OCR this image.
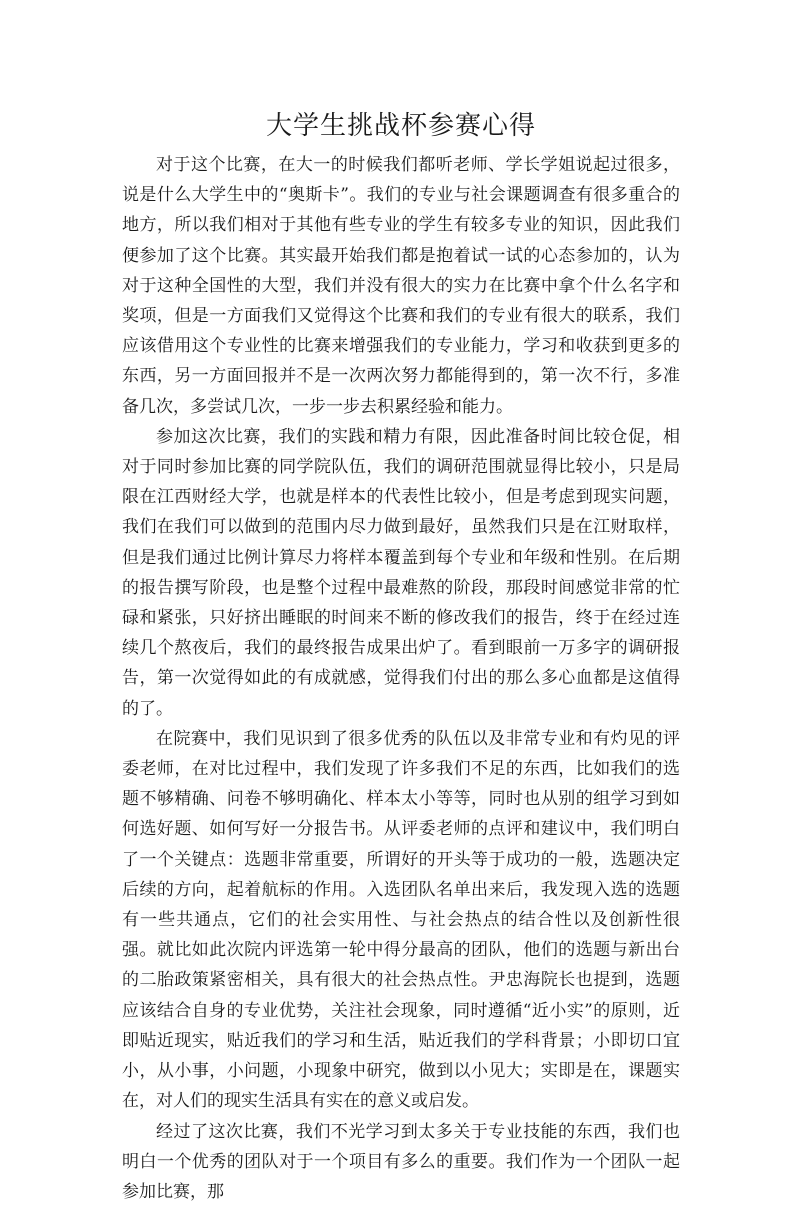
大学生挑战杯参赛心得

对于这个比赛，在大一的时候我们都听老师、学长学姐说起过很多，说是什么大学生中的“奥斯卡”。我们的专业与社会课题调查有很多重合的地方，所以我们相对于其他有些专业的学生有较多专业的知识，因此我们便参加了这个比赛。其实最开始我们都是抱着试一试的心态参加的，认为对于这种全国性的大型，我们并没有很大的实力在比赛中拿个什么名字和奖项，但是一方面我们又觉得这个比赛和我们的专业有很大的联系，我们应该借用这个专业性的比赛来增强我们的专业能力，学习和收获到更多的东西，另一方面回报并不是一次两次努力都能得到的，第一次不行，多准备几次，多尝试几次，一步一步去积累经验和能力。

参加这次比赛，我们的实践和精力有限，因此准备时间比较仓促，相对于同时参加比赛的同学院队伍，我们的调研范围就显得比较小，只是局限在江西财经大学，也就是样本的代表性比较小，但是考虑到现实问题，我们在我们可以做到的范围内尽力做到最好，虽然我们只是在江财取样，但是我们通过比例计算尽力将样本覆盖到每个专业和年级和性别。在后期的报告撰写阶段，也是整个过程中最难熬的阶段，那段时间感觉非常的忙碌和紧张，只好挤出睡眠的时间来不断的修改我们的报告，终于在经过连续几个熬夜后，我们的最终报告成果出炉了。看到眼前一万多字的调研报告，第一次觉得如此的有成就感，觉得我们付出的那么多心血都是这值得的了。

在院赛中，我们见识到了很多优秀的队伍以及非常专业和有灼见的评委老师，在对比过程中，我们发现了许多我们不足的东西，比如我们的选题不够精确、问卷不够明确化、样本太小等等，同时也从别的组学习到如何选好题、如何写好一分报告书。从评委老师的点评和建议中，我们明白了一个关键点：选题非常重要，所谓好的开头等于成功的一般，选题决定后续的方向，起着航标的作用。入选团队名单出来后，我发现入选的选题有一些共通点，它们的社会实用性、与社会热点的结合性以及创新性很强。就比如此次院内评选第一轮中得分最高的团队，他们的选题与新出台的二胎政策紧密相关，具有很大的社会热点性。尹忠海院长也提到，选题应该结合自身的专业优势，关注社会现象，同时遵循“近小实”的原则，近即贴近现实，贴近我们的学习和生活，贴近我们的学科背景；小即切口宜小，从小事，小问题，小现象中研究，做到以小见大；实即是在，课题实在，对人们的现实生活具有实在的意义或启发。

经过了这次比赛，我们不光学习到太多关于专业技能的东西，我们也明白一个优秀的团队对于一个项目有多么的重要。我们作为一个团队一起参加比赛，那
